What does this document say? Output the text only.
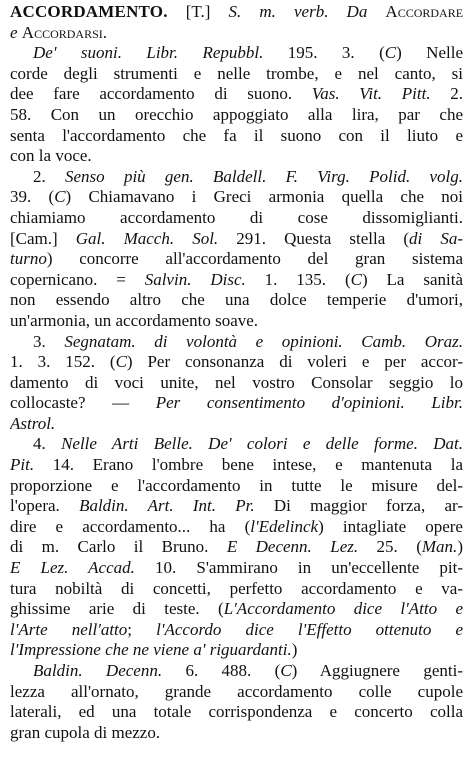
ACCORDAMENTO. [T.] S. m. verb. Da Accordare
e Accordarsi.
De' suoni. Libr. Repubbl. 195. 3. (C) Nelle
corde degli strumenti e nelle trombe, e nel canto, si
dee fare accordamento di suono. Vas. Vit. Pitt. 2.
58. Con un orecchio appoggiato alla lira, par che
senta l'accordamento che fa il suono con il liuto e
con la voce.
2. Senso più gen. Baldell. F. Virg. Polid. volg.
39. (C) Chiamavano i Greci armonia quella che noi
chiamiamo accordamento di cose dissomiglianti.
[Cam.] Gal. Macch. Sol. 291. Questa stella (di Sa-
turno) concorre all'accordamento del gran sistema
copernicano. = Salvin. Disc. 1. 135. (C) La sanità
non essendo altro che una dolce temperie d'umori,
un'armonia, un accordamento soave.
3. Segnatam. di volontà e opinioni. Camb. Oraz.
1. 3. 152. (C) Per consonanza di voleri e per accor-
damento di voci unite, nel vostro Consolar seggio lo
collocaste? — Per consentimento d'opinioni. Libr.
Astrol.
4. Nelle Arti Belle. De' colori e delle forme. Dat.
Pit. 14. Erano l'ombre bene intese, e mantenuta la
proporzione e l'accordamento in tutte le misure del-
l'opera. Baldin. Art. Int. Pr. Di maggior forza, ar-
dire e accordamento... ha (l'Edelinck) intagliate opere
di m. Carlo il Bruno. E Decenn. Lez. 25. (Man.)
E Lez. Accad. 10. S'ammirano in un'eccellente pit-
tura nobiltà di concetti, perfetto accordamento e va-
ghissime arie di teste. (L'Accordamento dice l'Atto e
l'Arte nell'atto; l'Accordo dice l'Effetto ottenuto e
l'Impressione che ne viene a' riguardanti.)
Baldin. Decenn. 6. 488. (C) Aggiugnere genti-
lezza all'ornato, grande accordamento colle cupole
laterali, ed una totale corrispondenza e concerto colla
gran cupola di mezzo.
